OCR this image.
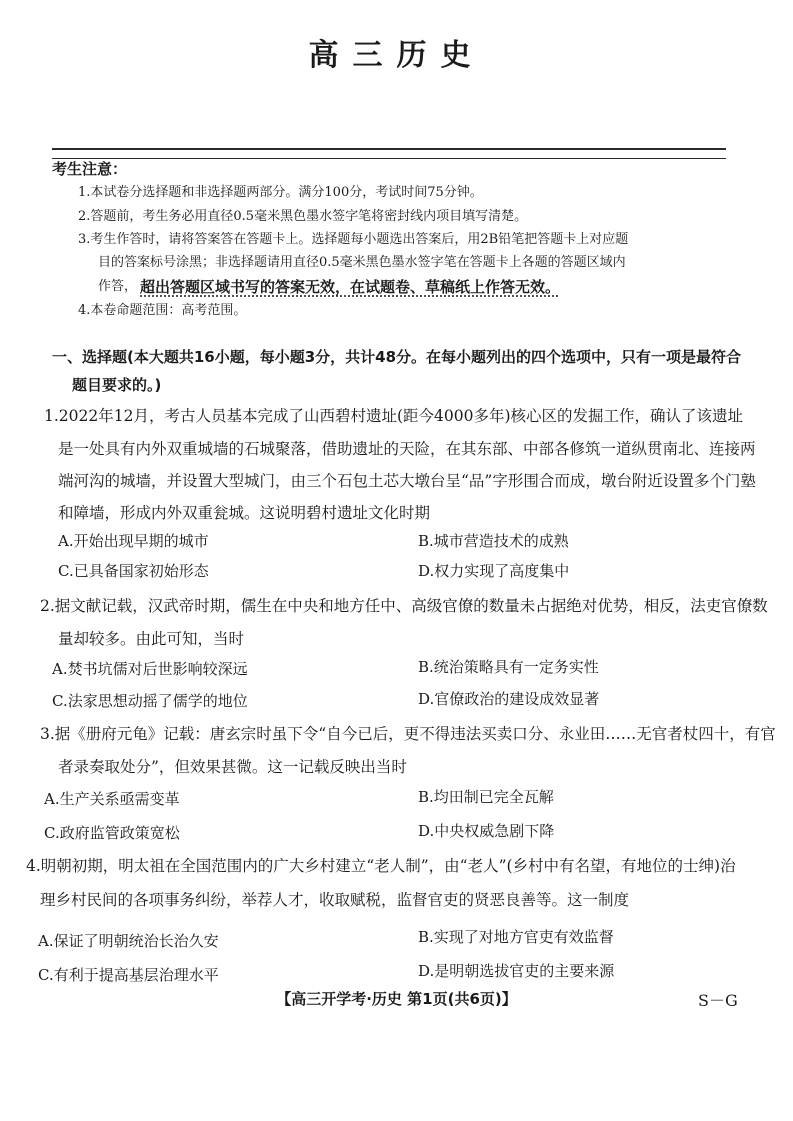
高三历史
考生注意：
1.本试卷分选择题和非选择题两部分。满分100分，考试时间75分钟。
2.答题前，考生务必用直径0.5毫米黑色墨水签字笔将密封线内项目填写清楚。
3.考生作答时，请将答案答在答题卡上。选择题每小题选出答案后，用2B铅笔把答题卡上对应题
目的答案标号涂黑；非选择题请用直径0.5毫米黑色墨水签字笔在答题卡上各题的答题区域内
作答， 超出答题区域书写的答案无效，在试题卷、草稿纸上作答无效。
4.本卷命题范围：高考范围。
一、选择题(本大题共16小题，每小题3分，共计48分。在每小题列出的四个选项中，只有一项是最符合
题目要求的。)
1.2022年12月，考古人员基本完成了山西碧村遗址(距今4000多年)核心区的发掘工作，确认了该遗址
是一处具有内外双重城墙的石城聚落，借助遗址的天险，在其东部、中部各修筑一道纵贯南北、连接两
端河沟的城墙，并设置大型城门，由三个石包土芯大墩台呈“品”字形围合而成，墩台附近设置多个门塾
和障墙，形成内外双重瓮城。这说明碧村遗址文化时期
A.开始出现早期的城市	B.城市营造技术的成熟
C.已具备国家初始形态	D.权力实现了高度集中
2.据文献记载，汉武帝时期，儒生在中央和地方任中、高级官僚的数量未占据绝对优势，相反，法吏官僚数
量却较多。由此可知，当时
A.焚书坑儒对后世影响较深远	B.统治策略具有一定务实性
C.法家思想动摇了儒学的地位	D.官僚政治的建设成效显著
3.据《册府元龟》记载：唐玄宗时虽下令“自今已后，更不得违法买卖口分、永业田……无官者杖四十，有官
者录奏取处分”，但效果甚微。这一记载反映出当时
A.生产关系亟需变革	B.均田制已完全瓦解
C.政府监管政策宽松	D.中央权威急剧下降
4.明朝初期，明太祖在全国范围内的广大乡村建立“老人制”，由“老人”(乡村中有名望，有地位的士绅)治
理乡村民间的各项事务纠纷，举荐人才，收取赋税，监督官吏的贤恶良善等。这一制度
A.保证了明朝统治长治久安	B.实现了对地方官吏有效监督
C.有利于提高基层治理水平	D.是明朝选拔官吏的主要来源
【高三开学考·历史 第1页(共6页)】	S－G
